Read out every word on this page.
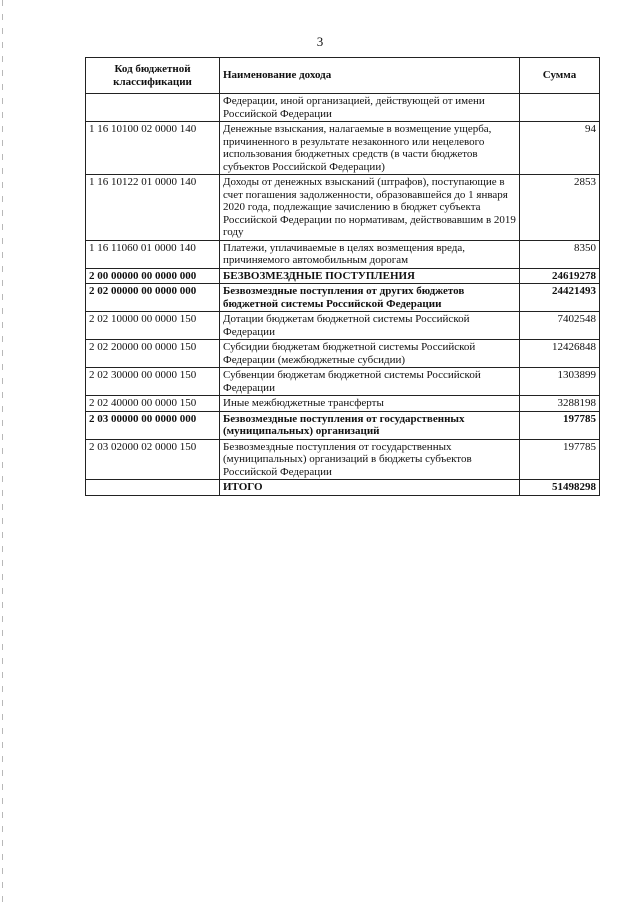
3
Код бюджетной классификации	Наименование дохода	Сумма
	Федерации, иной организацией, действующей от имени Российской Федерации	
1 16 10100 02 0000 140	Денежные взыскания, налагаемые в возмещение ущерба, причиненного в результате незаконного или нецелевого использования бюджетных средств (в части бюджетов субъектов Российской Федерации)	94
1 16 10122 01 0000 140	Доходы от денежных взысканий (штрафов), поступающие в счет погашения задолженности, образовавшейся до 1 января 2020 года, подлежащие зачислению в бюджет субъекта Российской Федерации по нормативам, действовавшим в 2019 году	2853
1 16 11060 01 0000 140	Платежи, уплачиваемые в целях возмещения вреда, причиняемого автомобильным дорогам	8350
2 00 00000 00 0000 000	БЕЗВОЗМЕЗДНЫЕ ПОСТУПЛЕНИЯ	24619278
2 02 00000 00 0000 000	Безвозмездные поступления от других бюджетов бюджетной системы Российской Федерации	24421493
2 02 10000 00 0000 150	Дотации бюджетам бюджетной системы Российской Федерации	7402548
2 02 20000 00 0000 150	Субсидии бюджетам бюджетной системы Российской Федерации (межбюджетные субсидии)	12426848
2 02 30000 00 0000 150	Субвенции бюджетам бюджетной системы Российской Федерации	1303899
2 02 40000 00 0000 150	Иные межбюджетные трансферты	3288198
2 03 00000 00 0000 000	Безвозмездные поступления от государственных (муниципальных) организаций	197785
2 03 02000 02 0000 150	Безвозмездные поступления от государственных (муниципальных) организаций в бюджеты субъектов Российской Федерации	197785
	ИТОГО	51498298
